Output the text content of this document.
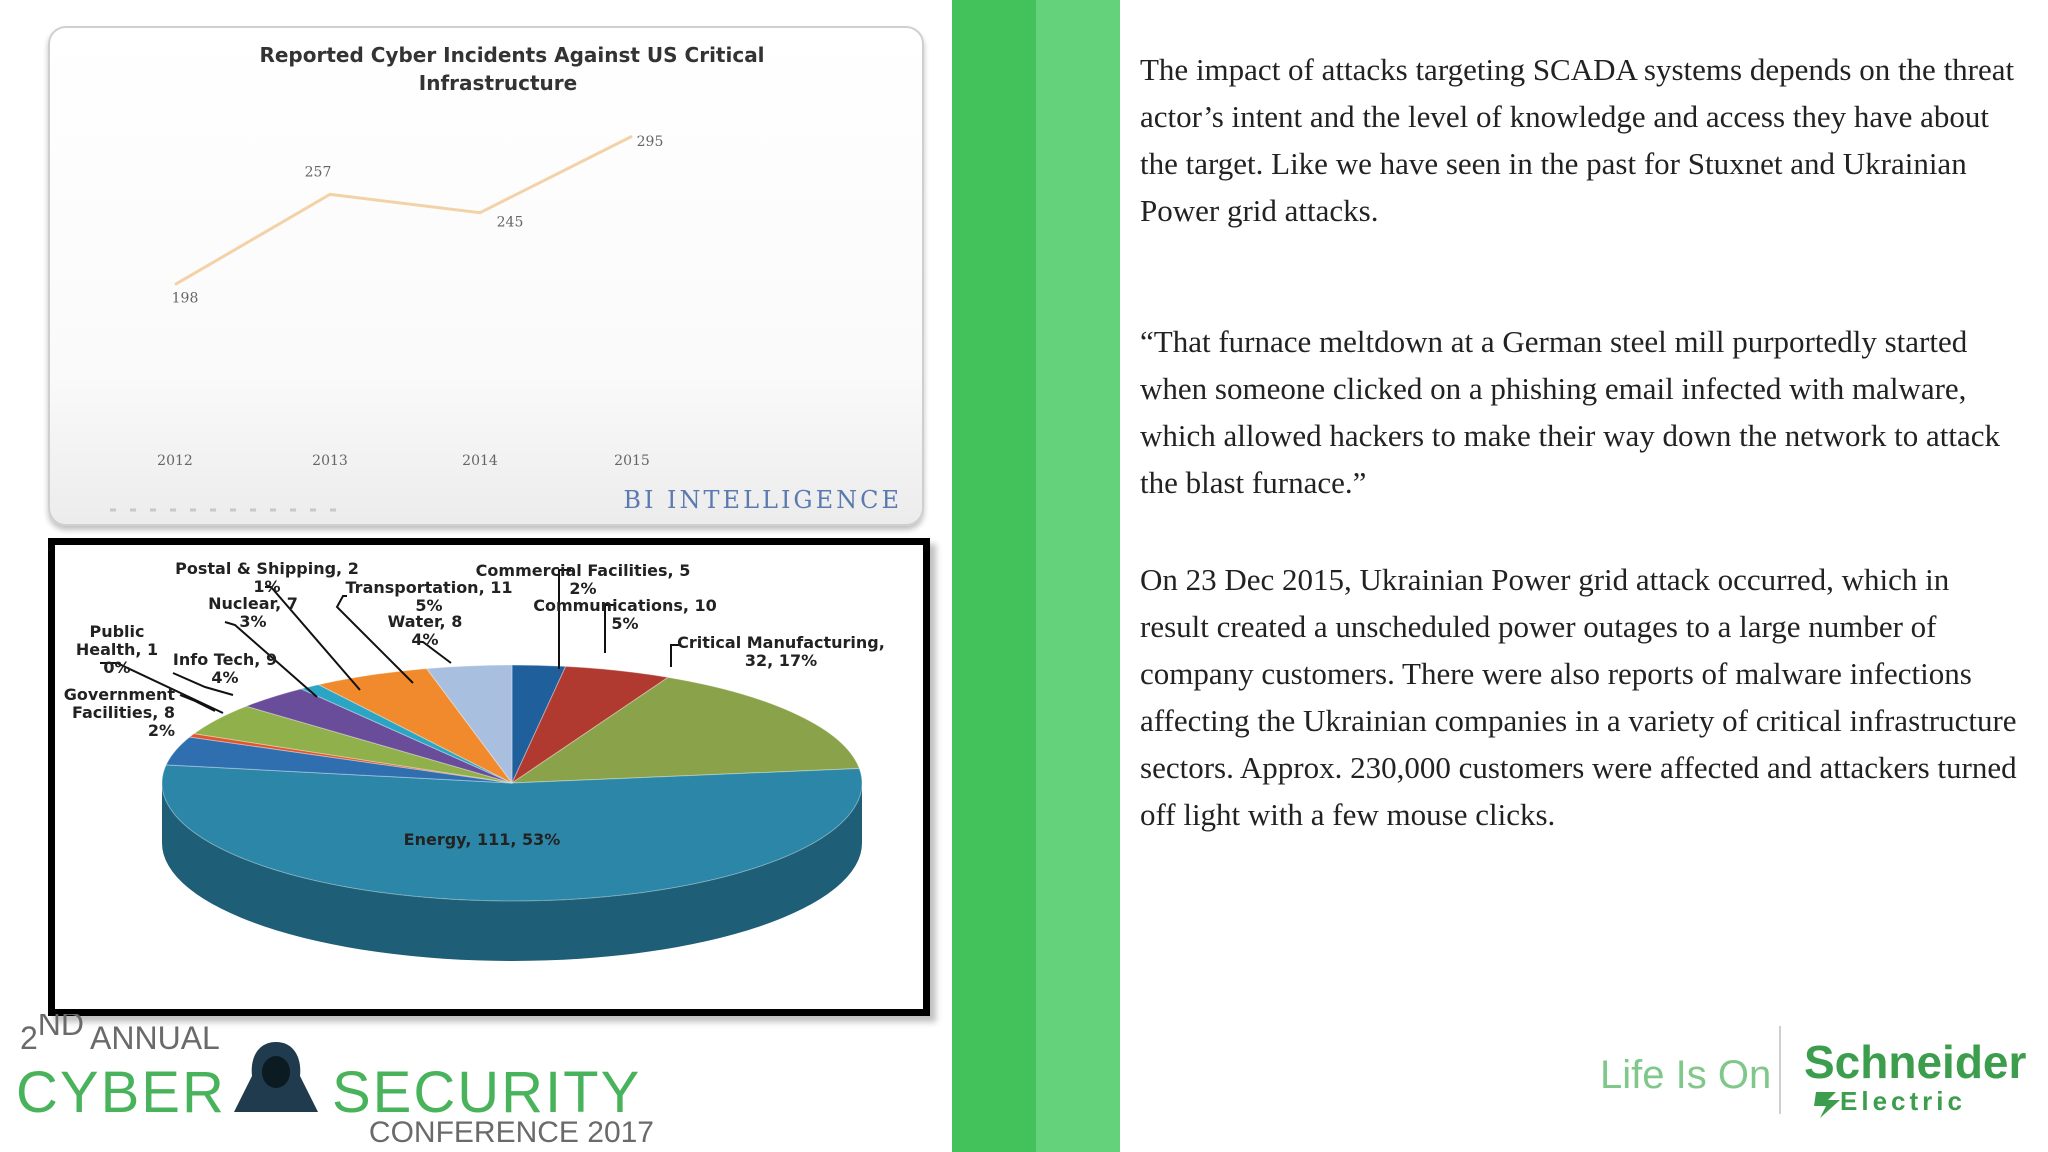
Reported Cyber Incidents Against US Critical
Infrastructure
198
2012
257
2013
245
2014
295
2015
BI INTELLIGENCE
Energy, 111, 53%
Government Facilities, 8 2%
Public Health, 1 0%	Info Tech, 9 4%
Nuclear, 7 3%
Postal & Shipping, 2 1%	Transportation, 11 5%
Water, 8 4%
Commercial Facilities, 5 2%
Communications, 10 5%
Critical Manufacturing, 32, 17%

The impact of attacks targeting SCADA systems depends on the threat actor’s intent and the level of knowledge and access they have about the target. Like we have seen in the past for Stuxnet and Ukrainian Power grid attacks.

“That furnace meltdown at a German steel mill purportedly started when someone clicked on a phishing email infected with malware, which allowed hackers to make their way down the network to attack the blast furnace.”

On 23 Dec 2015, Ukrainian Power grid attack occurred, which in result created a unscheduled power outages to a large number of company customers. There were also reports of malware infections affecting the Ukrainian companies in a variety of critical infrastructure sectors. Approx. 230,000 customers were affected and attackers turned off light with a few mouse clicks.

2ND ANNUAL
CYBER SECURITY
CONFERENCE 2017
Life Is On Schneider
Electric
